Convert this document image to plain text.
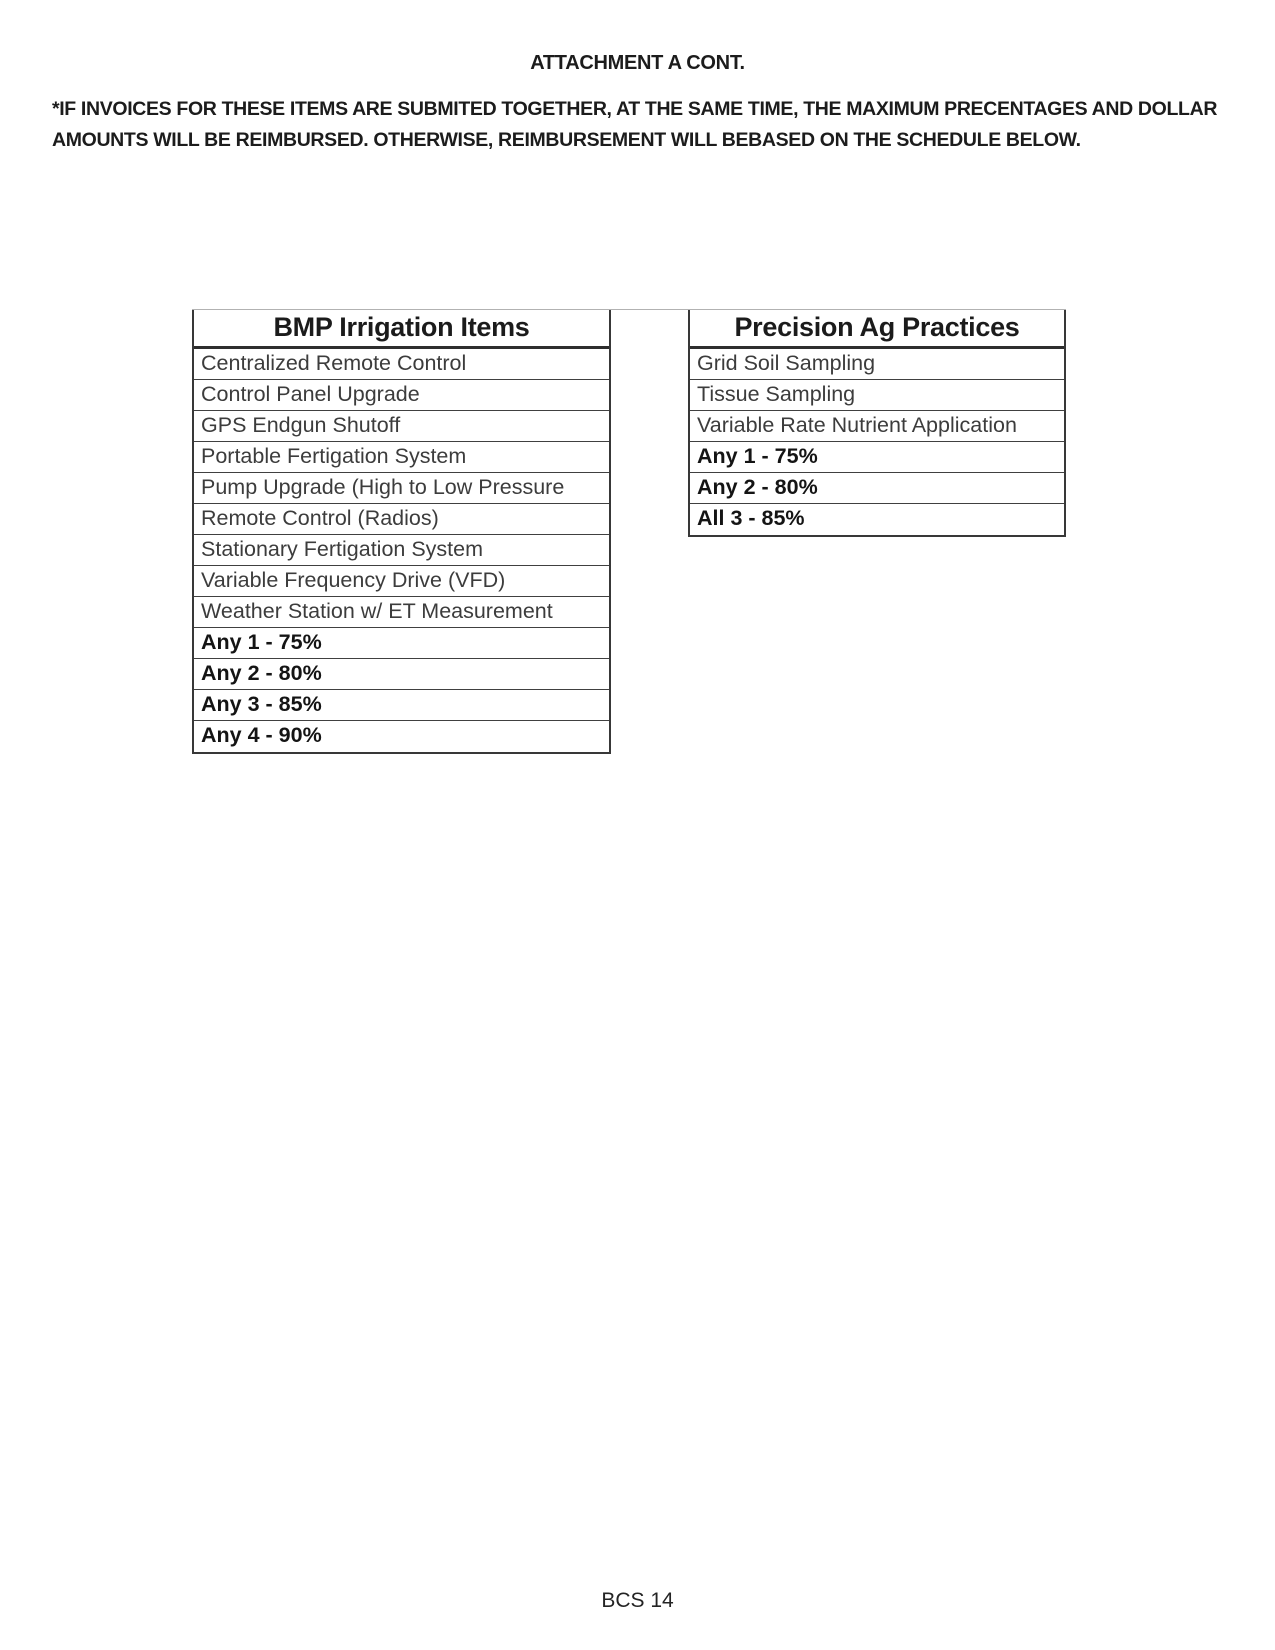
ATTACHMENT A CONT.

*IF INVOICES FOR THESE ITEMS ARE SUBMITED TOGETHER, AT THE SAME TIME, THE MAXIMUM PRECENTAGES AND DOLLAR AMOUNTS WILL BE REIMBURSED. OTHERWISE, REIMBURSEMENT WILL BEBASED ON THE SCHEDULE BELOW.

BMP Irrigation Items
Centralized Remote Control
Control Panel Upgrade
GPS Endgun Shutoff
Portable Fertigation System
Pump Upgrade (High to Low Pressure
Remote Control (Radios)
Stationary Fertigation System
Variable Frequency Drive (VFD)
Weather Station w/ ET Measurement
Any 1 - 75%
Any 2 - 80%
Any 3 - 85%
Any 4 - 90%
Precision Ag Practices
Grid Soil Sampling
Tissue Sampling
Variable Rate Nutrient Application
Any 1 - 75%
Any 2 - 80%
All 3 - 85%
BCS 14
